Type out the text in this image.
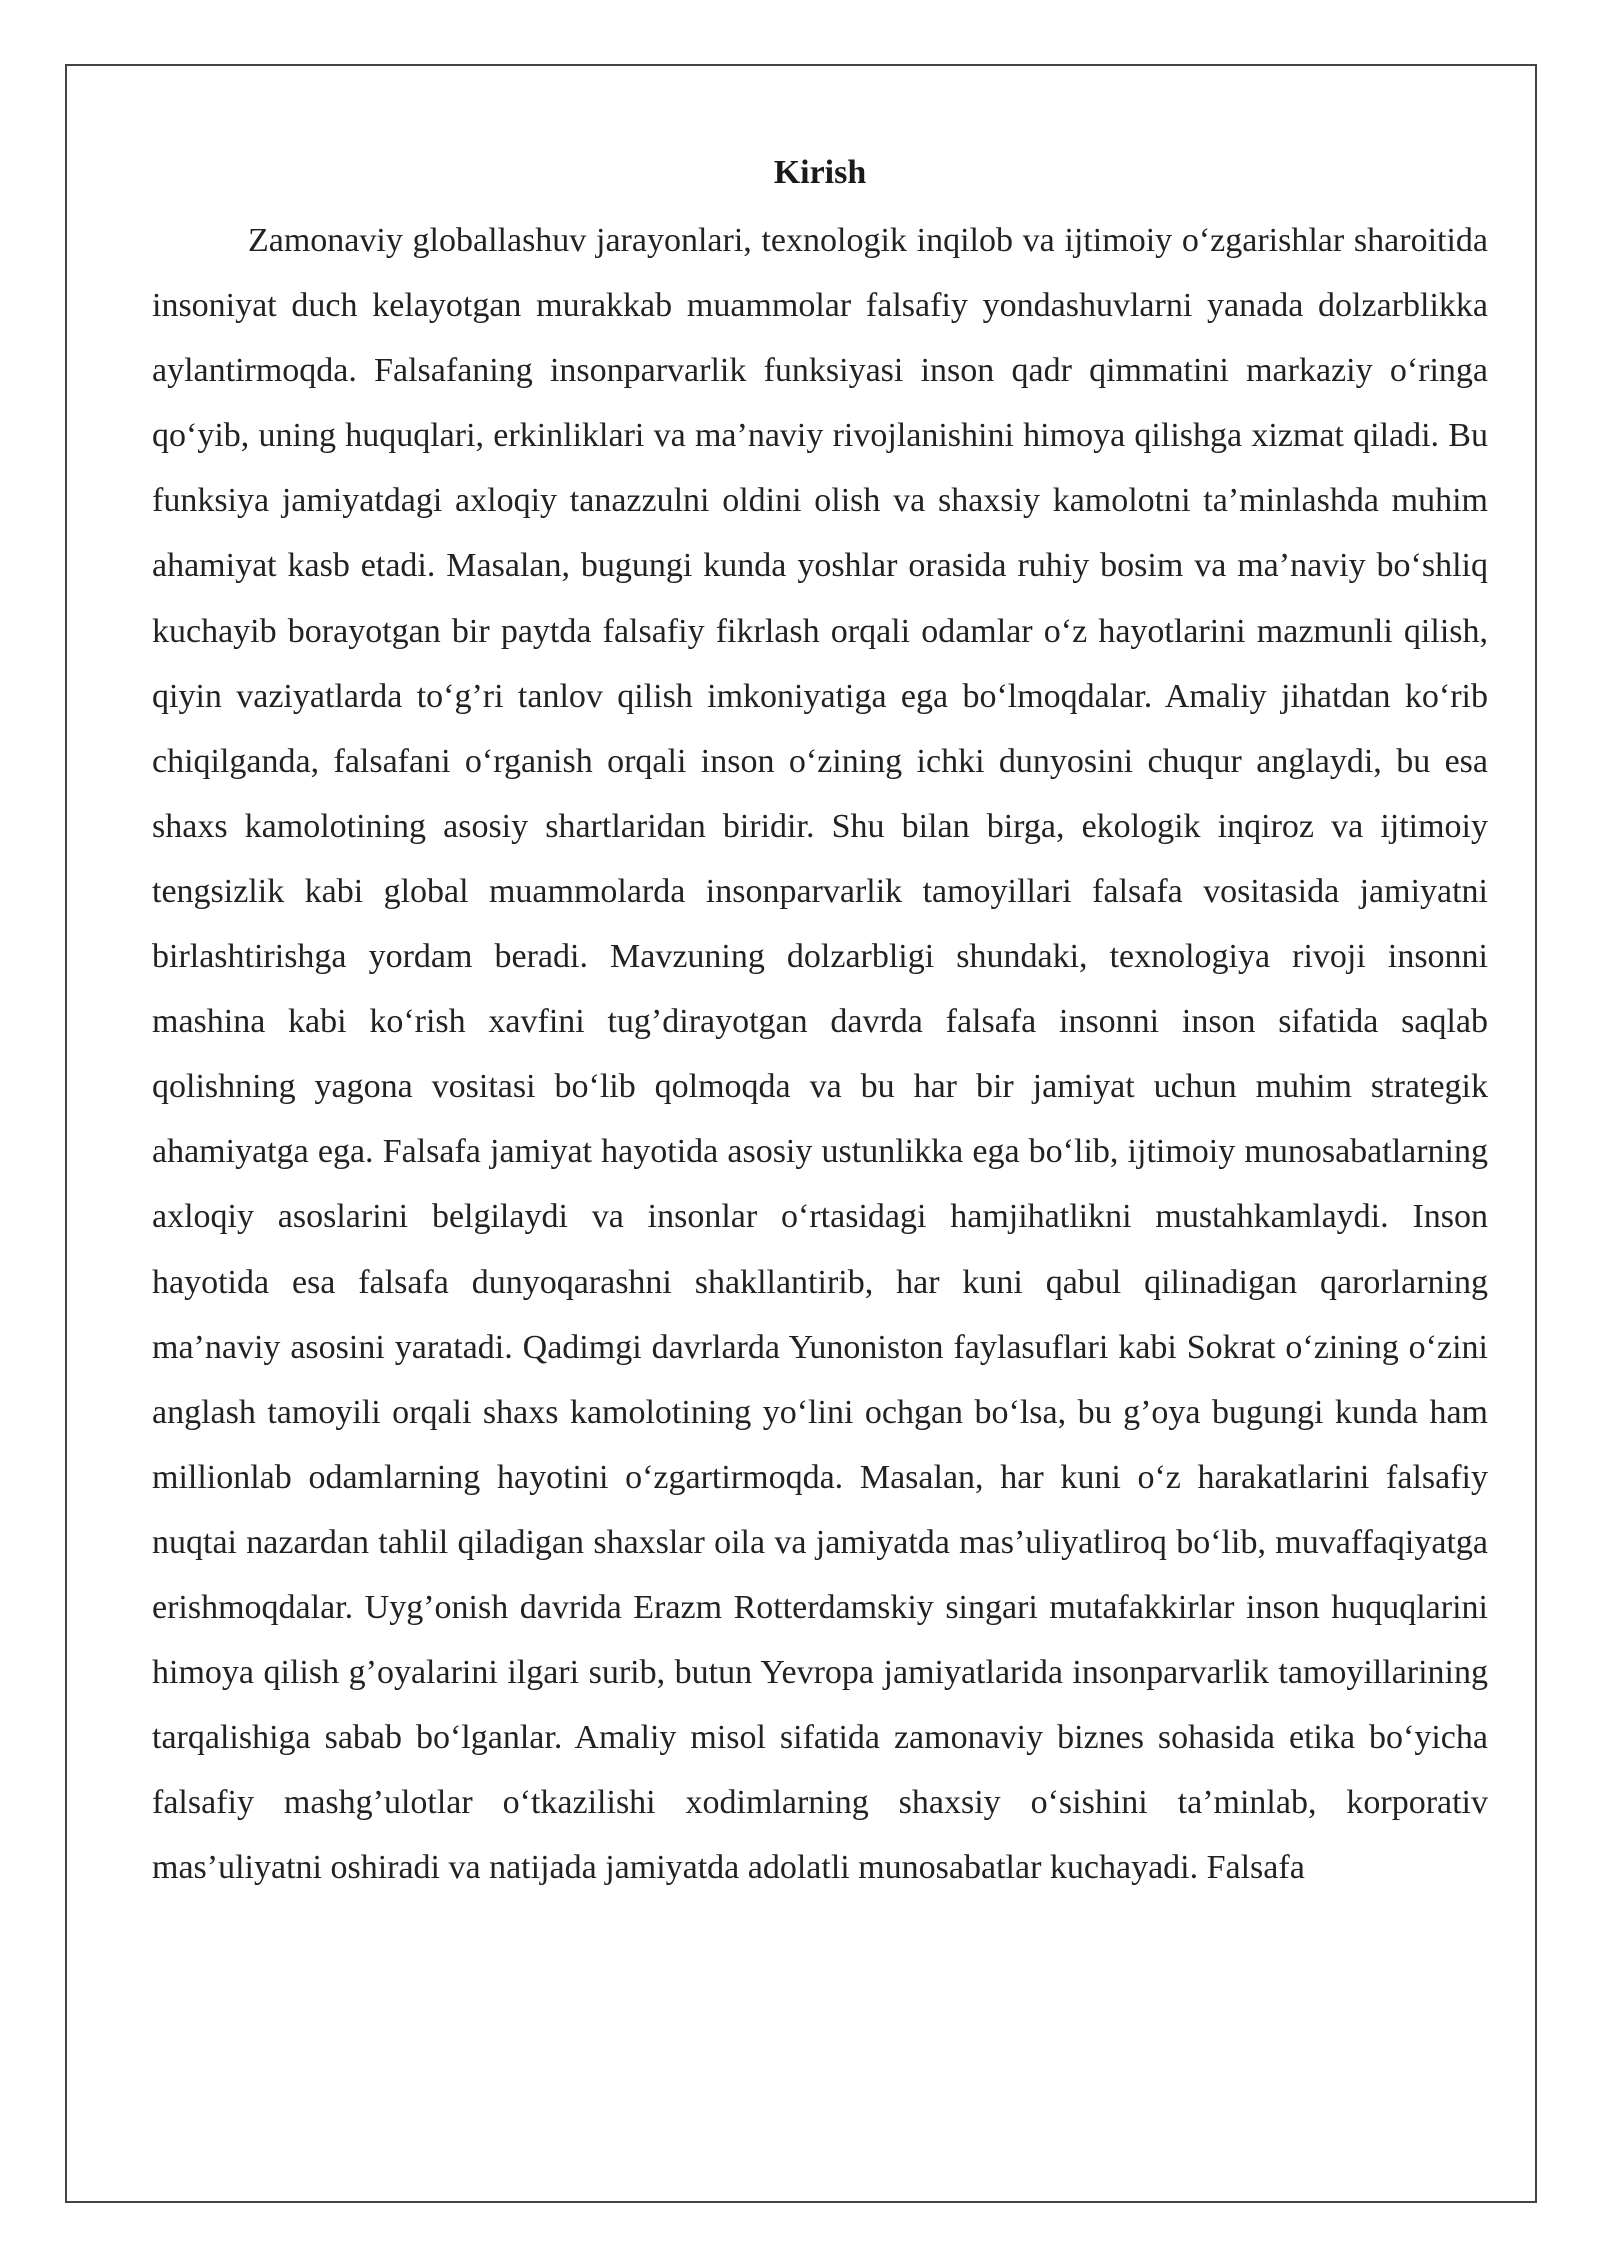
Kirish

Zamonaviy globallashuv jarayonlari, texnologik inqilob va ijtimoiy o‘zgarishlar sharoitida insoniyat duch kelayotgan murakkab muammolar falsafiy yondashuvlarni yanada dolzarblikka aylantirmoqda. Falsafaning insonparvarlik funksiyasi inson qadr qimmatini markaziy o‘ringa qo‘yib, uning huquqlari, erkinliklari va ma’naviy rivojlanishini himoya qilishga xizmat qiladi. Bu funksiya jamiyatdagi axloqiy tanazzulni oldini olish va shaxsiy kamolotni ta’minlashda muhim ahamiyat kasb etadi. Masalan, bugungi kunda yoshlar orasida ruhiy bosim va ma’naviy bo‘shliq kuchayib borayotgan bir paytda falsafiy fikrlash orqali odamlar o‘z hayotlarini mazmunli qilish, qiyin vaziyatlarda to‘g’ri tanlov qilish imkoniyatiga ega bo‘lmoqdalar. Amaliy jihatdan ko‘rib chiqilganda, falsafani o‘rganish orqali inson o‘zining ichki dunyosini chuqur anglaydi, bu esa shaxs kamolotining asosiy shartlaridan biridir. Shu bilan birga, ekologik inqiroz va ijtimoiy tengsizlik kabi global muammolarda insonparvarlik tamoyillari falsafa vositasida jamiyatni birlashtirishga yordam beradi. Mavzuning dolzarbligi shundaki, texnologiya rivoji insonni mashina kabi ko‘rish xavfini tug’dirayotgan davrda falsafa insonni inson sifatida saqlab qolishning yagona vositasi bo‘lib qolmoqda va bu har bir jamiyat uchun muhim strategik ahamiyatga ega. Falsafa jamiyat hayotida asosiy ustunlikka ega bo‘lib, ijtimoiy munosabatlarning axloqiy asoslarini belgilaydi va insonlar o‘rtasidagi hamjihatlikni mustahkamlaydi. Inson hayotida esa falsafa dunyoqarashni shakllantirib, har kuni qabul qilinadigan qarorlarning ma’naviy asosini yaratadi. Qadimgi davrlarda Yunoniston faylasuflari kabi Sokrat o‘zining o‘zini anglash tamoyili orqali shaxs kamolotining yo‘lini ochgan bo‘lsa, bu g’oya bugungi kunda ham millionlab odamlarning hayotini o‘zgartirmoqda. Masalan, har kuni o‘z harakatlarini falsafiy nuqtai nazardan tahlil qiladigan shaxslar oila va jamiyatda mas’uliyatliroq bo‘lib, muvaffaqiyatga erishmoqdalar. Uyg’onish davrida Erazm Rotterdamskiy singari mutafakkirlar inson huquqlarini himoya qilish g’oyalarini ilgari surib, butun Yevropa jamiyatlarida insonparvarlik tamoyillarining tarqalishiga sabab bo‘lganlar. Amaliy misol sifatida zamonaviy biznes sohasida etika bo‘yicha falsafiy mashg’ulotlar o‘tkazilishi xodimlarning shaxsiy o‘sishini ta’minlab, korporativ mas’uliyatni oshiradi va natijada jamiyatda adolatli munosabatlar kuchayadi. Falsafa
